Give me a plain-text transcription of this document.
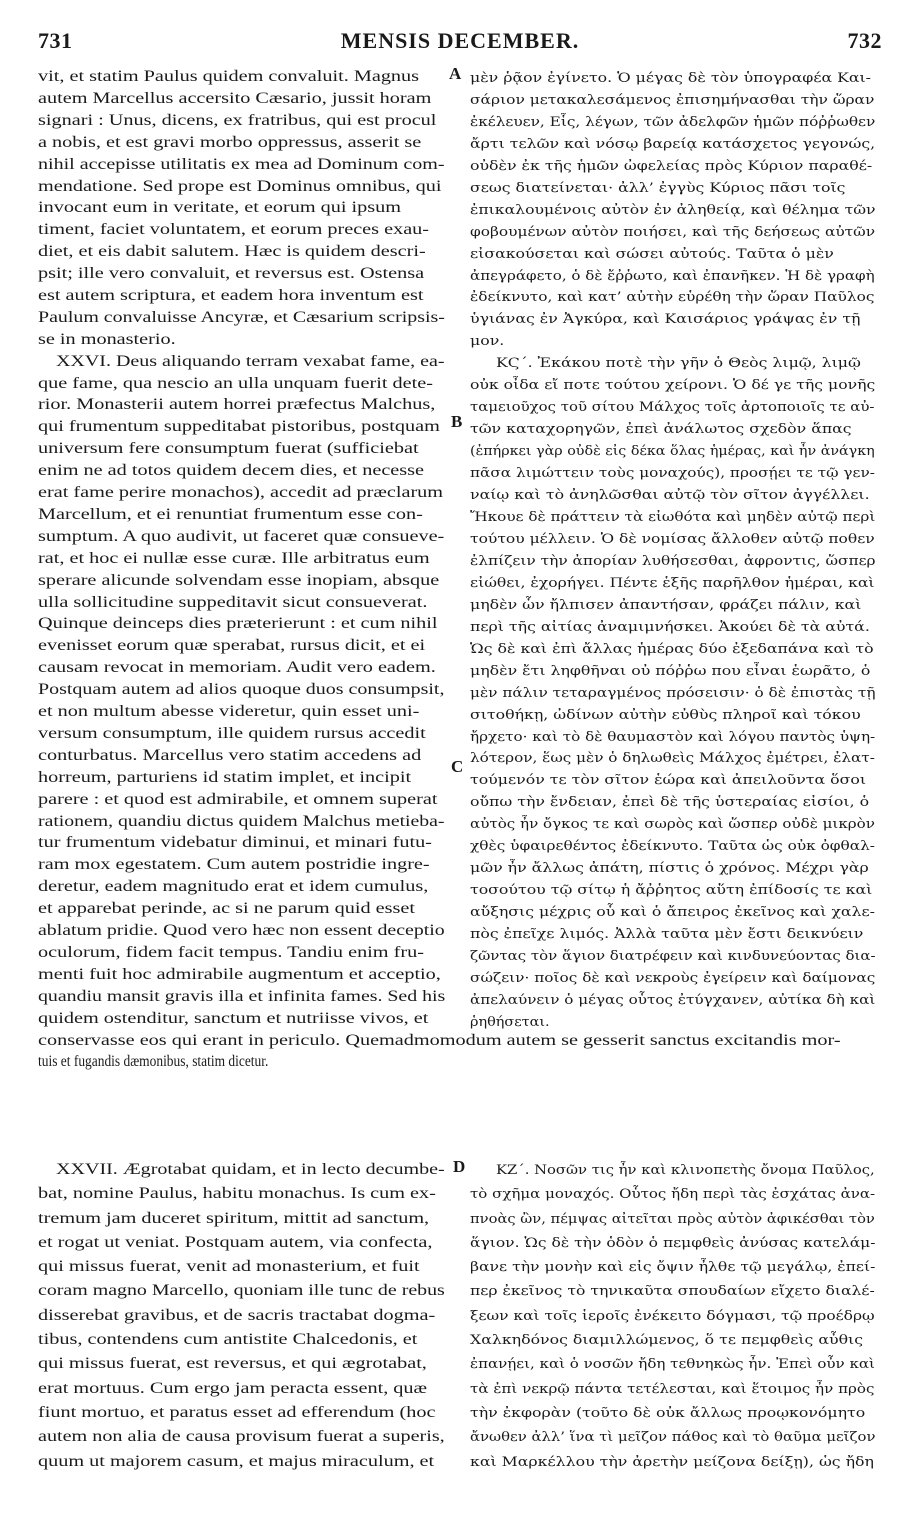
731	MENSIS DECEMBER.	732
vit, et statim Paulus quidem convaluit. Magnus
autem Marcellus accersito Cæsario, jussit horam
signari : Unus, dicens, ex fratribus, qui est procul
a nobis, et est gravi morbo oppressus, asserit se
nihil accepisse utilitatis ex mea ad Dominum com-
mendatione. Sed prope est Dominus omnibus, qui
invocant eum in veritate, et eorum qui ipsum
timent, faciet voluntatem, et eorum preces exau-
diet, et eis dabit salutem. Hæc is quidem descri-
psit; ille vero convaluit, et reversus est. Ostensa
est autem scriptura, et eadem hora inventum est
Paulum convaluisse Ancyræ, et Cæsarium scripsis-
se in monasterio.
XXVI. Deus aliquando terram vexabat fame, ea-
que fame, qua nescio an ulla unquam fuerit dete-
rior. Monasterii autem horrei præfectus Malchus,
qui frumentum suppeditabat pistoribus, postquam
universum fere consumptum fuerat (sufficiebat
enim ne ad totos quidem decem dies, et necesse
erat fame perire monachos), accedit ad præclarum
Marcellum, et ei renuntiat frumentum esse con-
sumptum. A quo audivit, ut faceret quæ consueve-
rat, et hoc ei nullæ esse curæ. Ille arbitratus eum
sperare alicunde solvendam esse inopiam, absque
ulla sollicitudine suppeditavit sicut consueverat.
Quinque deinceps dies præterierunt : et cum nihil
evenisset eorum quæ sperabat, rursus dicit, et ei
causam revocat in memoriam. Audit vero eadem.
Postquam autem ad alios quoque duos consumpsit,
et non multum abesse videretur, quin esset uni-
versum consumptum, ille quidem rursus accedit
conturbatus. Marcellus vero statim accedens ad
horreum, parturiens id statim implet, et incipit
parere : et quod est admirabile, et omnem superat
rationem, quandiu dictus quidem Malchus metieba-
tur frumentum videbatur diminui, et minari futu-
ram mox egestatem. Cum autem postridie ingre-
deretur, eadem magnitudo erat et idem cumulus,
et apparebat perinde, ac si ne parum quid esset
ablatum pridie. Quod vero hæc non essent deceptio
oculorum, fidem facit tempus. Tandiu enim fru-
menti fuit hoc admirabile augmentum et acceptio,
quandiu mansit gravis illa et infinita fames. Sed his
quidem ostenditur, sanctum et nutriisse vivos, et
conservasse eos qui erant in periculo. Quemadmomodum autem se gesserit sanctus excitandis mor-
tuis et fugandis dæmonibus, statim dicetur.
XXVII. Ægrotabat quidam, et in lecto decumbe-
bat, nomine Paulus, habitu monachus. Is cum ex-
tremum jam duceret spiritum, mittit ad sanctum,
et rogat ut veniat. Postquam autem, via confecta,
qui missus fuerat, venit ad monasterium, et fuit
coram magno Marcello, quoniam ille tunc de rebus
disserebat gravibus, et de sacris tractabat dogma-
tibus, contendens cum antistite Chalcedonis, et
qui missus fuerat, est reversus, et qui ægrotabat,
erat mortuus. Cum ergo jam peracta essent, quæ
fiunt mortuo, et paratus esset ad efferendum (hoc
autem non alia de causa provisum fuerat a superis,
quum ut majorem casum, et majus miraculum, et
μὲν ῥᾷον ἐγίνετο. Ὁ μέγας δὲ τὸν ὑπογραφέα Και-
σάριον μετακαλεσάμενος ἐπισημήνασθαι τὴν ὥραν
ἐκέλευεν, Εἷς, λέγων, τῶν ἀδελφῶν ἡμῶν πόῤῥωθεν
ἄρτι τελῶν καὶ νόσῳ βαρείᾳ κατάσχετος γεγονώς,
οὐδὲν ἐκ τῆς ἡμῶν ὠφελείας πρὸς Κύριον παραθέ-
σεως διατείνεται· ἀλλ’ ἐγγὺς Κύριος πᾶσι τοῖς
ἐπικαλουμένοις αὐτὸν ἐν ἀληθείᾳ, καὶ θέλημα τῶν
φοβουμένων αὐτὸν ποιήσει, καὶ τῆς δεήσεως αὐτῶν
εἰσακούσεται καὶ σώσει αὐτούς. Ταῦτα ὁ μὲν
ἀπεγράφετο, ὁ δὲ ἔῤῥωτο, καὶ ἐπανῆκεν. Ἡ δὲ γραφὴ
ἐδείκνυτο, καὶ κατ’ αὐτὴν εὑρέθη τὴν ὥραν Παῦλος
ὑγιάνας ἐν Ἀγκύρα, καὶ Καισάριος γράψας ἐν τῇ
μον.
ΚϚ΄. Ἐκάκου ποτὲ τὴν γῆν ὁ Θεὸς λιμῷ, λιμῷ
οὐκ οἶδα εἴ ποτε τούτου χείρονι. Ὁ δέ γε τῆς μονῆς
ταμειοῦχος τοῦ σίτου Μάλχος τοῖς ἀρτοποιοῖς τε αὐ-
τῶν καταχορηγῶν, ἐπεὶ ἀνάλωτος σχεδὸν ἅπας
(ἐπήρκει γὰρ οὐδὲ εἰς δέκα ὅλας ἡμέρας, καὶ ἦν ἀνάγκη
πᾶσα λιμώττειν τοὺς μοναχούς), προσῄει τε τῷ γεν-
ναίῳ καὶ τὸ ἀνηλῶσθαι αὐτῷ τὸν σῖτον ἀγγέλλει.
Ἤκουε δὲ πράττειν τὰ εἰωθότα καὶ μηδὲν αὐτῷ περὶ
τούτου μέλλειν. Ὁ δὲ νομίσας ἄλλοθεν αὐτῷ ποθεν
ἐλπίζειν τὴν ἀπορίαν λυθήσεσθαι, ἀφροντις, ὥσπερ
εἰώθει, ἐχορήγει. Πέντε ἑξῆς παρῆλθον ἡμέραι, καὶ
μηδὲν ὧν ἤλπισεν ἀπαντήσαν, φράζει πάλιν, καὶ
περὶ τῆς αἰτίας ἀναμιμνήσκει. Ἀκούει δὲ τὰ αὐτά.
Ὡς δὲ καὶ ἐπὶ ἄλλας ἡμέρας δύο ἐξεδαπάνα καὶ τὸ
μηδὲν ἔτι ληφθῆναι οὐ πόῤῥω που εἶναι ἑωρᾶτο, ὁ
μὲν πάλιν τεταραγμένος πρόσεισιν· ὁ δὲ ἐπιστὰς τῇ
σιτοθήκῃ, ὠδίνων αὐτὴν εὐθὺς πληροῖ καὶ τόκου
ἤρχετο· καὶ τὸ δὲ θαυμαστὸν καὶ λόγου παντὸς ὑψη-
λότερον, ἕως μὲν ὁ δηλωθεὶς Μάλχος ἐμέτρει, ἐλατ-
τούμενόν τε τὸν σῖτον ἑώρα καὶ ἀπειλοῦντα ὅσοι
οὔπω τὴν ἔνδειαν, ἐπεὶ δὲ τῆς ὑστεραίας εἰσίοι, ὁ
αὐτὸς ἦν ὄγκος τε καὶ σωρὸς καὶ ὥσπερ οὐδὲ μικρὸν
χθὲς ὑφαιρεθέντος ἐδείκνυτο. Ταῦτα ὡς οὐκ ὀφθαλ-
μῶν ἦν ἄλλως ἀπάτη, πίστις ὁ χρόνος. Μέχρι γὰρ
τοσούτου τῷ σίτῳ ἡ ἄῤῥητος αὕτη ἐπίδοσίς τε καὶ
αὔξησις μέχρις οὗ καὶ ὁ ἄπειρος ἐκεῖνος καὶ χαλε-
πὸς ἐπεῖχε λιμός. Ἀλλὰ ταῦτα μὲν ἔστι δεικνύειν
ζῶντας τὸν ἅγιον διατρέφειν καὶ κινδυνεύοντας δια-
σώζειν· ποῖος δὲ καὶ νεκροὺς ἐγείρειν καὶ δαίμονας
ἀπελαύνειν ὁ μέγας οὗτος ἐτύγχανεν, αὐτίκα δὴ καὶ
ῥηθήσεται.
ΚΖ΄. Νοσῶν τις ἦν καὶ κλινοπετὴς ὄνομα Παῦλος,
τὸ σχῆμα μοναχός. Οὗτος ἤδη περὶ τὰς ἐσχάτας ἀνα-
πνοὰς ὢν, πέμψας αἰτεῖται πρὸς αὐτὸν ἀφικέσθαι τὸν
ἅγιον. Ὡς δὲ τὴν ὁδὸν ὁ πεμφθεὶς ἀνύσας κατελάμ-
βανε τὴν μονὴν καὶ εἰς ὄψιν ἦλθε τῷ μεγάλῳ, ἐπεί-
περ ἐκεῖνος τὸ τηνικαῦτα σπουδαίων εἴχετο διαλέ-
ξεων καὶ τοῖς ἱεροῖς ἐνέκειτο δόγμασι, τῷ προέδρῳ
Χαλκηδόνος διαμιλλώμενος, ὅ τε πεμφθεὶς αὖθις
ἐπανῄει, καὶ ὁ νοσῶν ἤδη τεθνηκὼς ἦν. Ἐπεὶ οὖν καὶ
τὰ ἐπὶ νεκρῷ πάντα τετέλεσται, καὶ ἕτοιμος ἦν πρὸς
τὴν ἐκφορὰν (τοῦτο δὲ οὐκ ἄλλως προῳκονόμητο
ἄνωθεν ἀλλ’ ἵνα τὶ μεῖζον πάθος καὶ τὸ θαῦμα μεῖζον
καὶ Μαρκέλλου τὴν ἀρετὴν μείζονα δείξῃ), ὡς ἤδη
A
B
C
D
